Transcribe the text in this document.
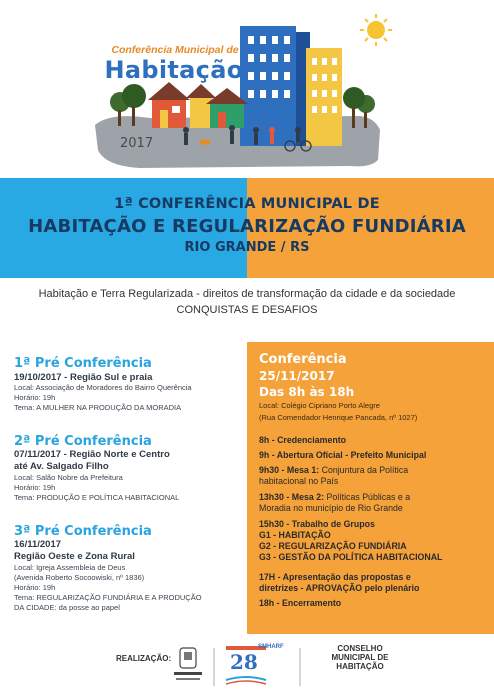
Conferência Municipal de
Habitação
2017
1ª CONFERÊNCIA MUNICIPAL DE
HABITAÇÃO E REGULARIZAÇÃO FUNDIÁRIA
RIO GRANDE / RS
Habitação e Terra Regularizada - direitos de transformação da cidade e da sociedade
CONQUISTAS E DESAFIOS
1ª Pré Conferência
19/10/2017 - Região Sul e praia
Local: Associação de Moradores do Bairro Querência
Horário: 19h
Tema: A MULHER NA PRODUÇÃO DA MORADIA
2ª Pré Conferência
07/11/2017 - Região Norte e Centro
até Av. Salgado Filho
Local: Salão Nobre da Prefeitura
Horário: 19h
Tema: PRODUÇÃO E POLÍTICA HABITACIONAL
3ª Pré Conferência
16/11/2017
Região Oeste e Zona Rural
Local: Igreja Assembleia de Deus
(Avenida Roberto Socoowiski, nº 1836)
Horário: 19h
Tema: REGULARIZAÇÃO FUNDIÁRIA E A PRODUÇÃO
DA CIDADE: da posse ao papel
Conferência
25/11/2017
Das 8h às 18h
Local: Colégio Cipriano Porto Alegre
(Rua Comendador Henrique Pancada, nº 1027)
8h - Credenciamento
9h - Abertura Oficial - Prefeito Municipal
9h30 - Mesa 1: Conjuntura da Política
habitacional no País
13h30 - Mesa 2: Políticas Públicas e a
Moradia no município de Rio Grande
15h30 - Trabalho de Grupos
G1 - HABITAÇÃO
G2 - REGULARIZAÇÃO FUNDIÁRIA
G3 - GESTÃO DA POLÍTICA HABITACIONAL
17H - Apresentação das propostas e
diretrizes - APROVAÇÃO pelo plenário
18h - Encerramento
REALIZAÇÃO:	28
SMHARF	CONSELHO
MUNICIPAL DE
HABITAÇÃO
